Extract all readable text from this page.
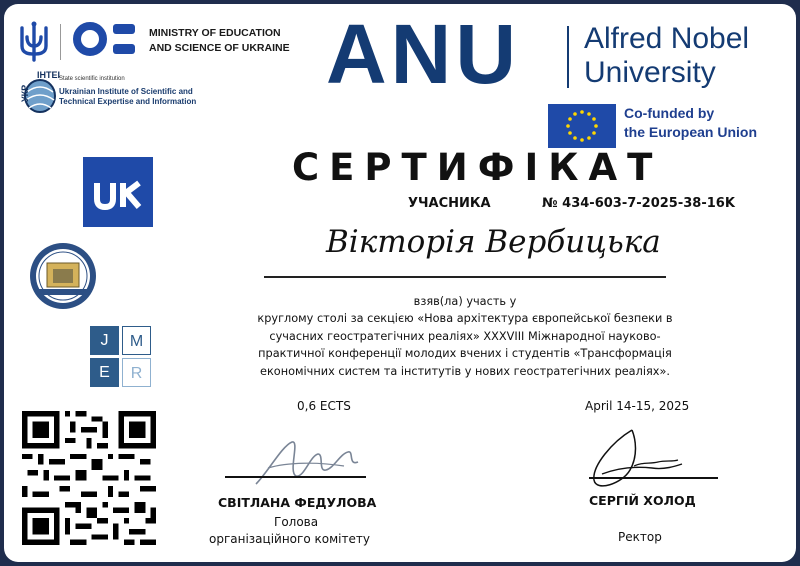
MINISTRY OF EDUCATION
AND SCIENCE OF UKRAINE
УКР
ІНТЕІ
State scientific institution
Ukrainian Institute of Scientific and
Technical Expertise and Information
ANU Alfred Nobel
University
Co-funded by
the European Union
J	M
E	R
СЕРТИФІКАТ
УЧАСНИКА	№ 434-603-7-2025-38-16K
Вікторія Вербицька
взяв(ла) участь у
круглому столі за секцією «Нова архітектура європейської безпеки в
сучасних геостратегічних реаліях» XXXVIII Міжнародної науково-
практичної конференції молодих вчених і студентів «Трансформація
економічних систем та інститутів у нових геостратегічних реаліях».
0,6 ECTS	April 14-15, 2025
СВІТЛАНА ФЕДУЛОВА
Голова
організаційного комітету
СЕРГІЙ ХОЛОД
Ректор
